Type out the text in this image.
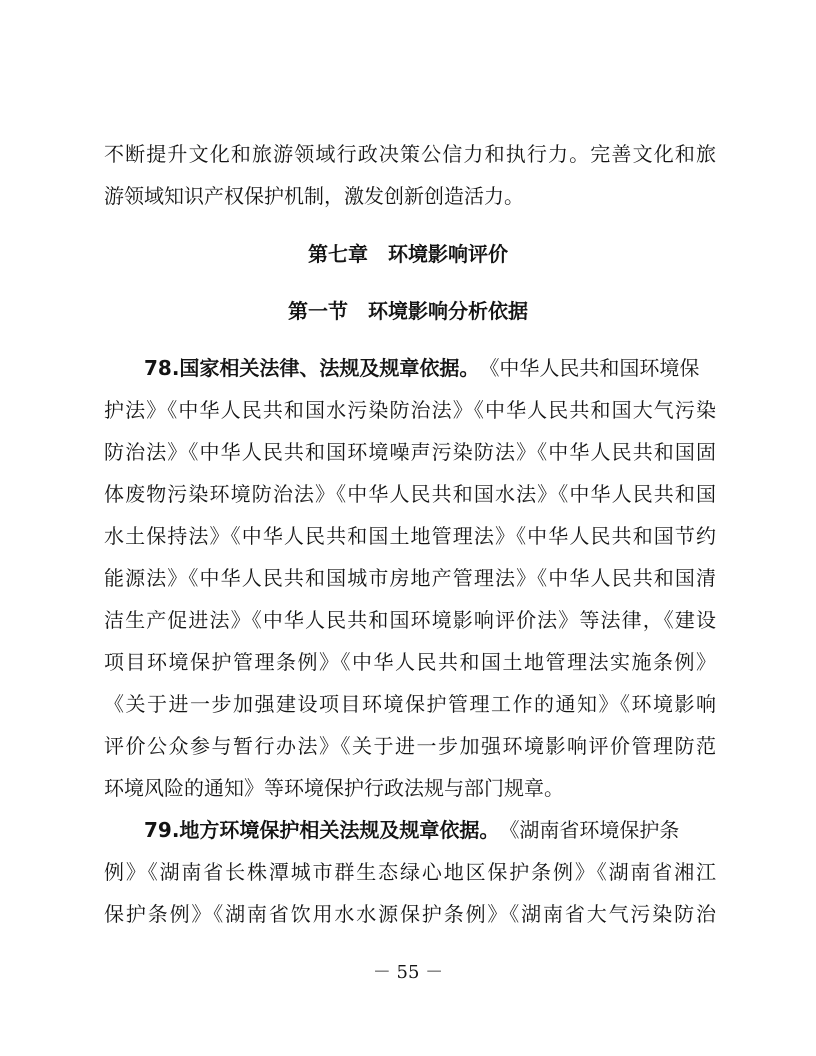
不断提升文化和旅游领域行政决策公信力和执行力。完善文化和旅
游领域知识产权保护机制，激发创新创造活力。
第七章　环境影响评价
第一节　环境影响分析依据
78.国家相关法律、法规及规章依据。《中华人民共和国环境保
护法》《中华人民共和国水污染防治法》《中华人民共和国大气污染
防治法》《中华人民共和国环境噪声污染防法》《中华人民共和国固
体废物污染环境防治法》《中华人民共和国水法》《中华人民共和国
水土保持法》《中华人民共和国土地管理法》《中华人民共和国节约
能源法》《中华人民共和国城市房地产管理法》《中华人民共和国清
洁生产促进法》《中华人民共和国环境影响评价法》等法律，《建设
项目环境保护管理条例》《中华人民共和国土地管理法实施条例》
《关于进一步加强建设项目环境保护管理工作的通知》《环境影响
评价公众参与暂行办法》《关于进一步加强环境影响评价管理防范
环境风险的通知》等环境保护行政法规与部门规章。
79.地方环境保护相关法规及规章依据。《湖南省环境保护条
例》《湖南省长株潭城市群生态绿心地区保护条例》《湖南省湘江
保护条例》《湖南省饮用水水源保护条例》《湖南省大气污染防治
－ 55 －
